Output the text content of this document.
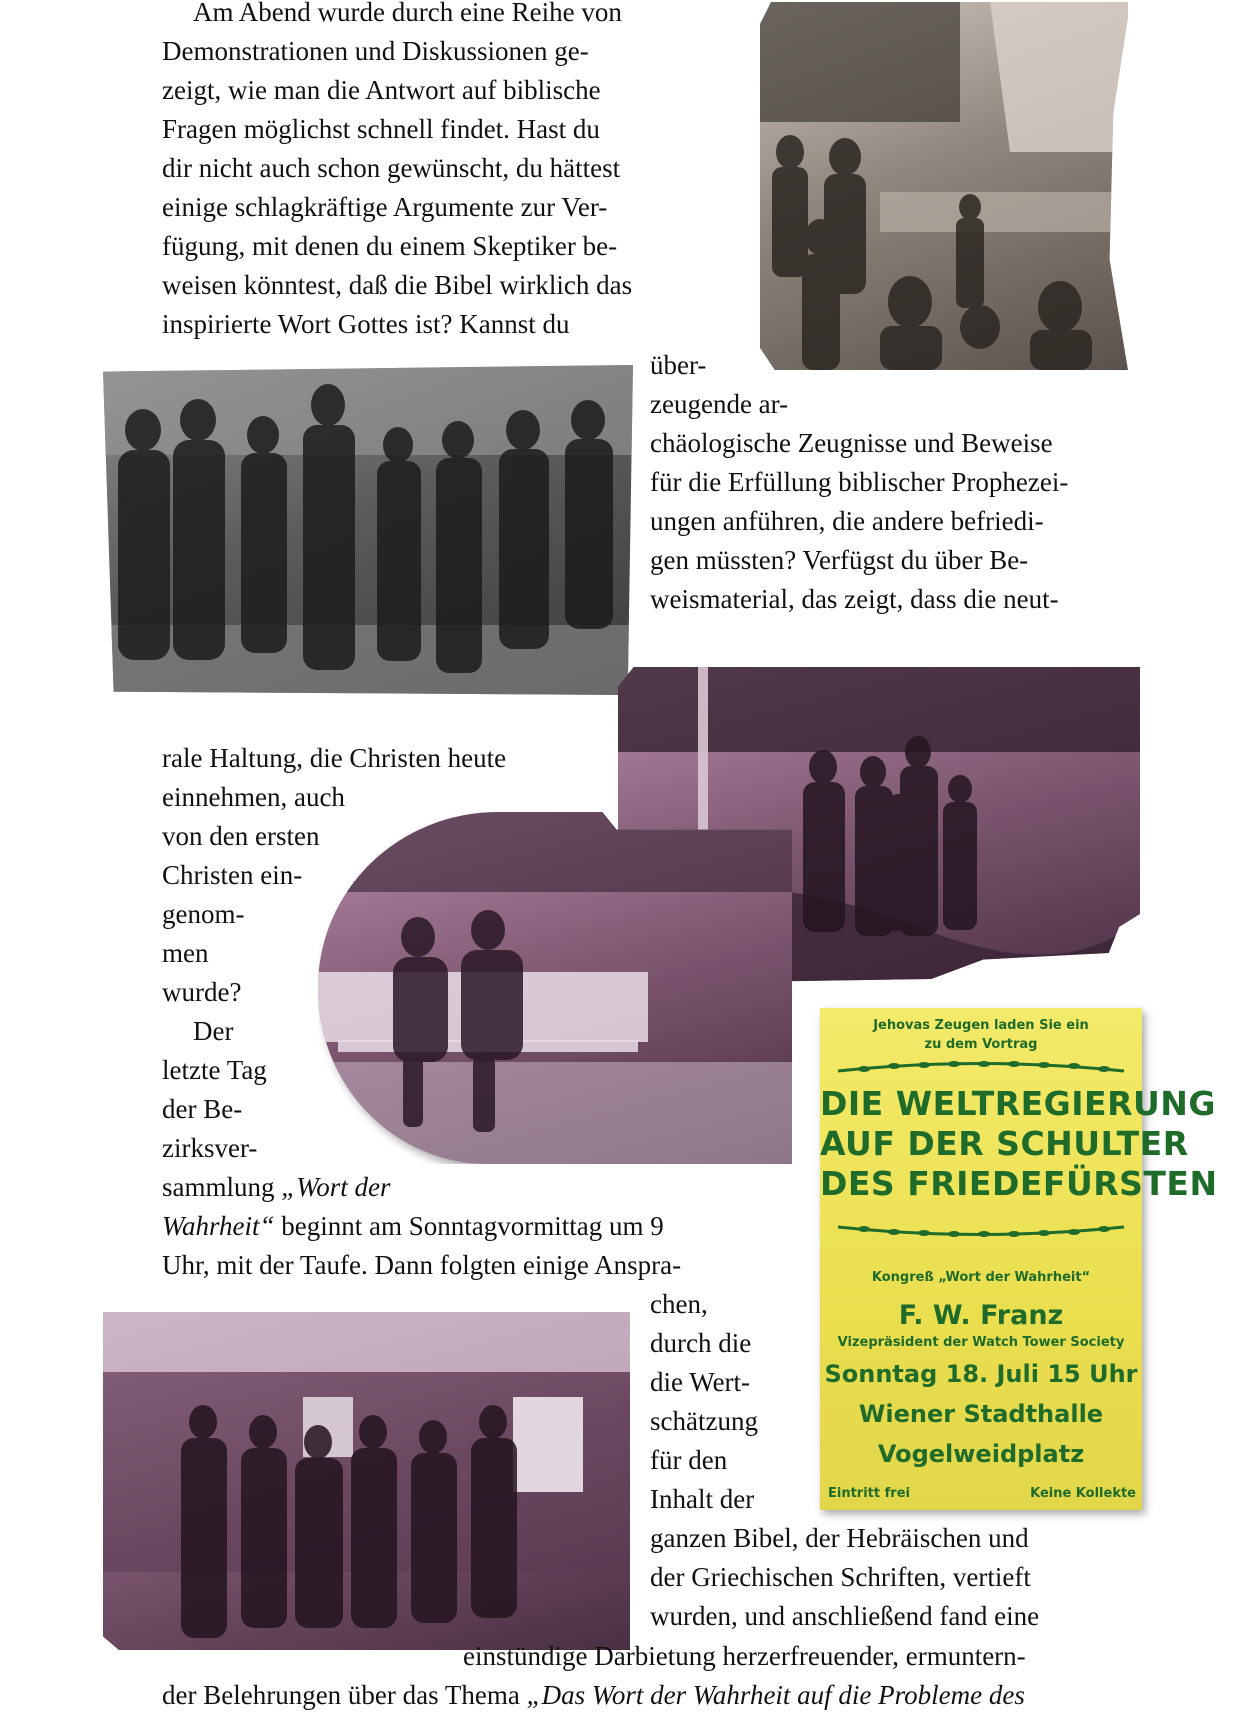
Jehovas Zeugen laden Sie ein
zu dem Vortrag
DIE WELTREGIERUNG
AUF DER SCHULTER
DES FRIEDEFÜRSTEN
Kongreß „Wort der Wahrheit“
F. W. Franz
Vizepräsident der Watch Tower Society
Sonntag 18. Juli 15 Uhr
Wiener Stadthalle
Vogelweidplatz
Eintritt frei	Keine Kollekte

Am Abend wurde durch eine Reihe von

Demonstrationen und Diskussionen ge-

zeigt, wie man die Antwort auf biblische

Fragen möglichst schnell findet. Hast du

dir nicht auch schon gewünscht, du hättest

einige schlagkräftige Argumente zur Ver-

fügung, mit denen du einem Skeptiker be-

weisen könntest, daß die Bibel wirklich das

inspirierte Wort Gottes ist? Kannst du

über-

zeugende ar-

chäologische Zeugnisse und Beweise

für die Erfüllung biblischer Prophezei-

ungen anführen, die andere befriedi-

gen müssten? Verfügst du über Be-

weismaterial, das zeigt, dass die neut-

rale Haltung, die Christen heute

einnehmen, auch

von den ersten

Christen ein-

genom-

men

wurde?

Der

letzte Tag

der Be-

zirksver-

sammlung „Wort der

Wahrheit“ beginnt am Sonntagvormittag um 9

Uhr, mit der Taufe. Dann folgten einige Anspra-

chen,

durch die

die Wert-

schätzung

für den

Inhalt der

ganzen Bibel, der Hebräischen und

der Griechischen Schriften, vertieft

wurden, und anschließend fand eine

einstündige Darbietung herzerfreuender, ermuntern-

der Belehrungen über das Thema „Das Wort der Wahrheit auf die Probleme des
